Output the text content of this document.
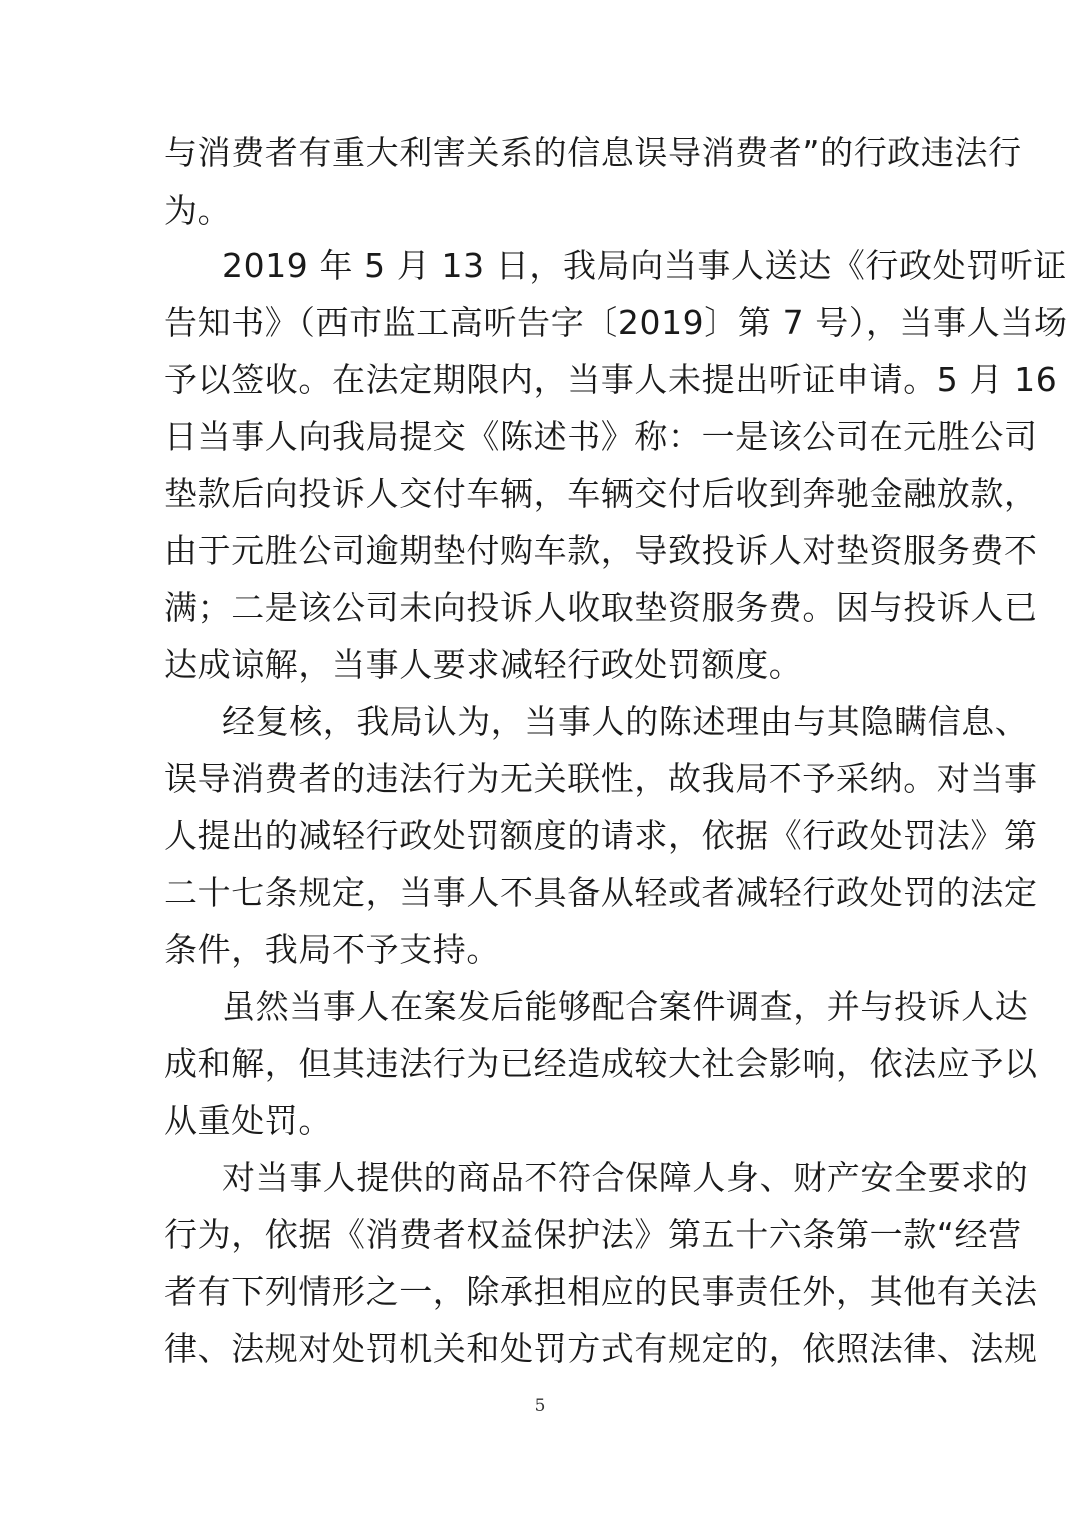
与消费者有重大利害关系的信息误导消费者”的行政违法行
为。
2019 年 5 月 13 日，我局向当事人送达《行政处罚听证
告知书》（西市监工高听告字〔2019〕第 7 号），当事人当场
予以签收。在法定期限内，当事人未提出听证申请。5 月 16
日当事人向我局提交《陈述书》称：一是该公司在元胜公司
垫款后向投诉人交付车辆，车辆交付后收到奔驰金融放款，
由于元胜公司逾期垫付购车款，导致投诉人对垫资服务费不
满；二是该公司未向投诉人收取垫资服务费。因与投诉人已
达成谅解，当事人要求减轻行政处罚额度。
经复核，我局认为，当事人的陈述理由与其隐瞒信息、
误导消费者的违法行为无关联性，故我局不予采纳。对当事
人提出的减轻行政处罚额度的请求，依据《行政处罚法》第
二十七条规定，当事人不具备从轻或者减轻行政处罚的法定
条件，我局不予支持。
虽然当事人在案发后能够配合案件调查，并与投诉人达
成和解，但其违法行为已经造成较大社会影响，依法应予以
从重处罚。
对当事人提供的商品不符合保障人身、财产安全要求的
行为，依据《消费者权益保护法》第五十六条第一款“经营
者有下列情形之一，除承担相应的民事责任外，其他有关法
律、法规对处罚机关和处罚方式有规定的，依照法律、法规
5
